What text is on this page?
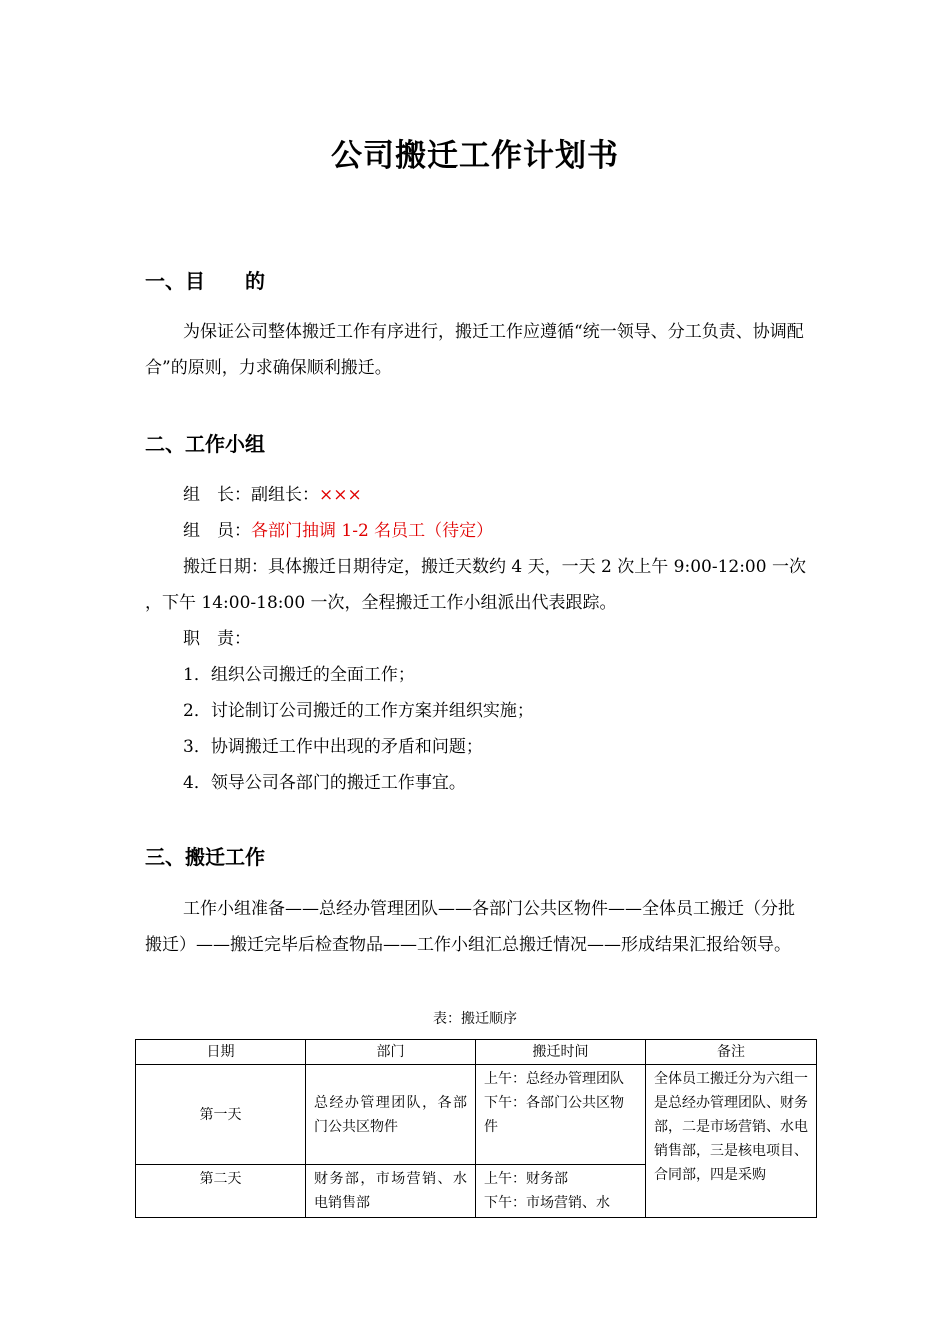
公司搬迁工作计划书
一、目　　的
为保证公司整体搬迁工作有序进行，搬迁工作应遵循“统一领导、分工负责、协调配合”的原则，力求确保顺利搬迁。
二、工作小组
组　长：副组长：×××
组　员：各部门抽调 1-2 名员工（待定）
搬迁日期：具体搬迁日期待定，搬迁天数约 4 天，一天 2 次上午 9:00-12:00 一次 ，下午 14:00-18:00 一次，全程搬迁工作小组派出代表跟踪。
职　责：
1．组织公司搬迁的全面工作；
2．讨论制订公司搬迁的工作方案并组织实施；
3．协调搬迁工作中出现的矛盾和问题；
4．领导公司各部门的搬迁工作事宜。
三、搬迁工作
工作小组准备——总经办管理团队——各部门公共区物件——全体员工搬迁（分批搬迁）——搬迁完毕后检查物品——工作小组汇总搬迁情况——形成结果汇报给领导。
表：搬迁顺序
日期	部门	搬迁时间	备注
第一天	总经办管理团队，各部门公共区物件	上午：总经办管理团队
下午：各部门公共区物件	全体员工搬迁分为六组一是总经办管理团队、财务部，二是市场营销、水电销售部，三是核电项目、合同部，四是采购
第二天	财务部，市场营销、水电销售部	上午：财务部
下午：市场营销、水	
